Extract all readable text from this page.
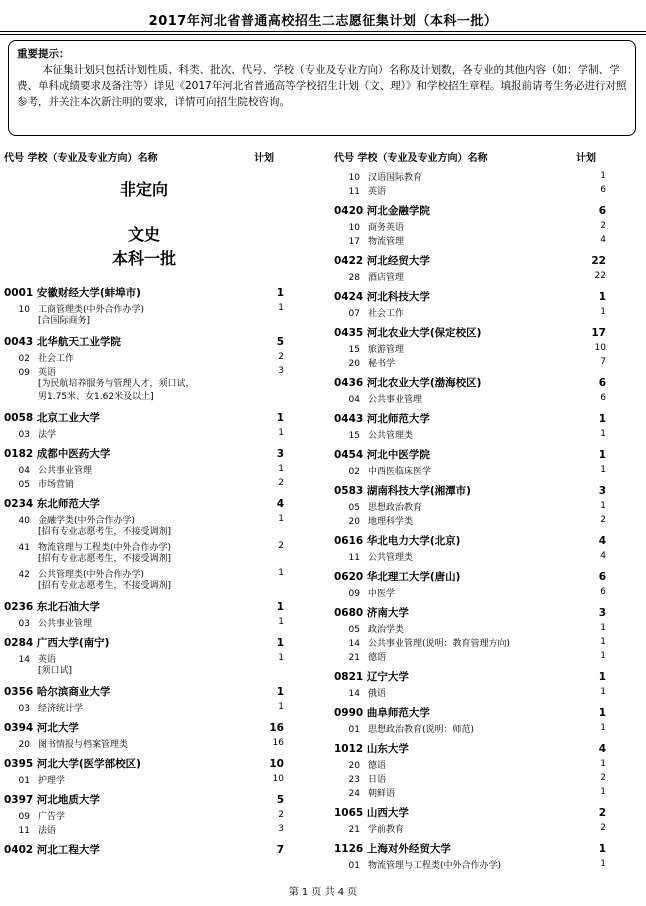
2017年河北省普通高校招生二志愿征集计划（本科一批）
重要提示：

本征集计划只包括计划性质、科类、批次、代号、学校（专业及专业方向）名称及计划数，各专业的其他内容（如：学制、学费、单科成绩要求及备注等）详见《2017年河北省普通高等学校招生计划（文、理）》和学校招生章程。填报前请考生务必进行对照参考，并关注本次新注明的要求，详情可向招生院校咨询。

代号 学校（专业及专业方向）名称	计划
非定向
文史
本科一批
0001 安徽财经大学(蚌埠市)	1
10 工商管理类(中外合作办学)	1
[合国际商务]
0043 北华航天工业学院	5
02 社会工作	2
09 英语	3
[为民航培养服务与管理人才，须口试，
男1.75米、女1.62米及以上]
0058 北京工业大学	1
03 法学	1
0182 成都中医药大学	3
04 公共事业管理	1
05 市场营销	2
0234 东北师范大学	4
40 金融学类(中外合作办学)	1
[招有专业志愿考生，不接受调剂]
41 物流管理与工程类(中外合作办学)	2
[招有专业志愿考生，不接受调剂]
42 公共管理类(中外合作办学)	1
[招有专业志愿考生，不接受调剂]
0236 东北石油大学	1
03 公共事业管理	1
0284 广西大学(南宁)	1
14 英语	1
[须口试]
0356 哈尔滨商业大学	1
03 经济统计学	1
0394 河北大学	16
20 图书情报与档案管理类	16
0395 河北大学(医学部校区)	10
01 护理学	10
0397 河北地质大学	5
09 广告学	2
11 法语	3
0402 河北工程大学	7
代号 学校（专业及专业方向）名称	计划
10 汉语国际教育	1
11 英语	6
0420 河北金融学院	6
10 商务英语	2
17 物流管理	4
0422 河北经贸大学	22
28 酒店管理	22
0424 河北科技大学	1
07 社会工作	1
0435 河北农业大学(保定校区)	17
15 旅游管理	10
20 秘书学	7
0436 河北农业大学(渤海校区)	6
04 公共事业管理	6
0443 河北师范大学	1
15 公共管理类	1
0454 河北中医学院	1
02 中西医临床医学	1
0583 湖南科技大学(湘潭市)	3
05 思想政治教育	1
20 地理科学类	2
0616 华北电力大学(北京)	4
11 公共管理类	4
0620 华北理工大学(唐山)	6
09 中医学	6
0680 济南大学	3
05 政治学类	1
14 公共事业管理(说明：教育管理方向)	1
21 德语	1
0821 辽宁大学	1
14 俄语	1
0990 曲阜师范大学	1
01 思想政治教育(说明：师范)	1
1012 山东大学	4
20 德语	1
23 日语	2
24 朝鲜语	1
1065 山西大学	2
21 学前教育	2
1126 上海对外经贸大学	1
01 物流管理与工程类(中外合作办学)	1
第 1 页 共 4 页
